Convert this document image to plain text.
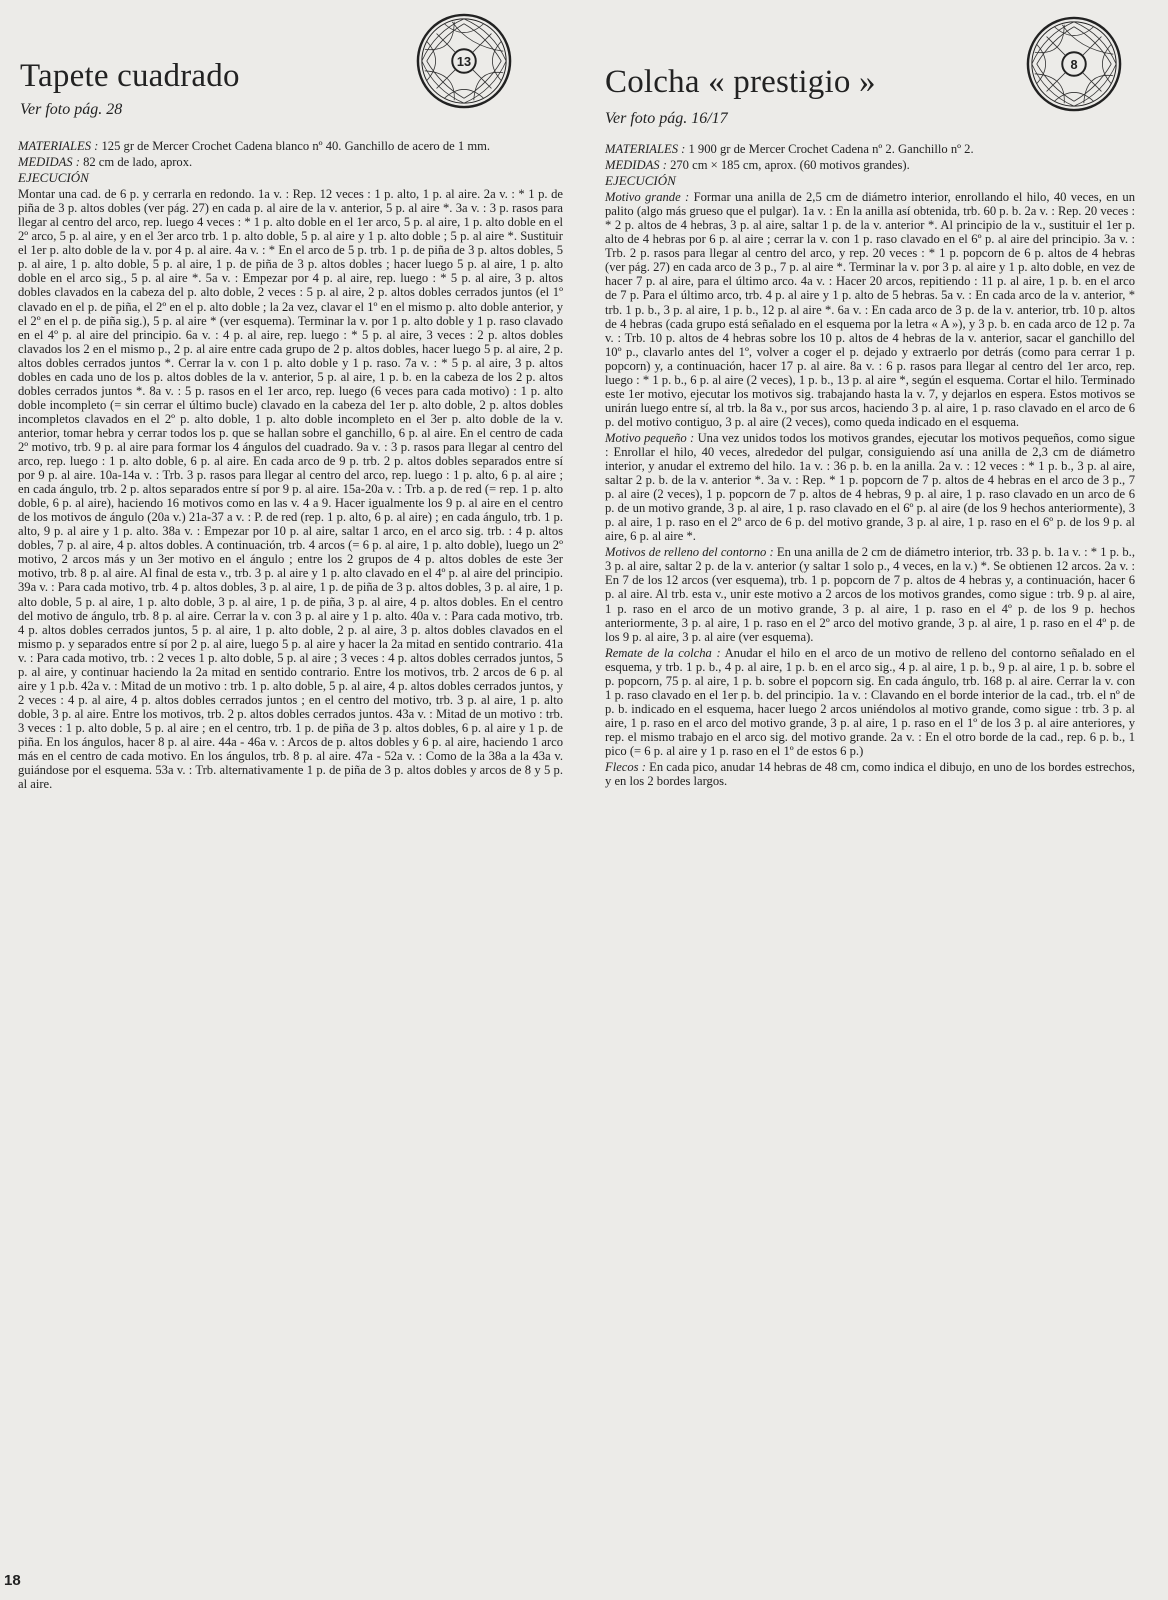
Tapete cuadrado
Ver foto pág. 28
13

MATERIALES : 125 gr de Mercer Crochet Cadena blanco nº 40. Ganchillo de acero de 1 mm.

MEDIDAS : 82 cm de lado, aprox.

EJECUCIÓN

Montar una cad. de 6 p. y cerrarla en redondo. 1a v. : Rep. 12 veces : 1 p. alto, 1 p. al aire. 2a v. : * 1 p. de piña de 3 p. altos dobles (ver pág. 27) en cada p. al aire de la v. anterior, 5 p. al aire *. 3a v. : 3 p. rasos para llegar al centro del arco, rep. luego 4 veces : * 1 p. alto doble en el 1er arco, 5 p. al aire, 1 p. alto doble en el 2º arco, 5 p. al aire, y en el 3er arco trb. 1 p. alto doble, 5 p. al aire y 1 p. alto doble ; 5 p. al aire *. Sustituir el 1er p. alto doble de la v. por 4 p. al aire. 4a v. : * En el arco de 5 p. trb. 1 p. de piña de 3 p. altos dobles, 5 p. al aire, 1 p. alto doble, 5 p. al aire, 1 p. de piña de 3 p. altos dobles ; hacer luego 5 p. al aire, 1 p. alto doble en el arco sig., 5 p. al aire *. 5a v. : Empezar por 4 p. al aire, rep. luego : * 5 p. al aire, 3 p. altos dobles clavados en la cabeza del p. alto doble, 2 veces : 5 p. al aire, 2 p. altos dobles cerrados juntos (el 1º clavado en el p. de piña, el 2º en el p. alto doble ; la 2a vez, clavar el 1º en el mismo p. alto doble anterior, y el 2º en el p. de piña sig.), 5 p. al aire * (ver esquema). Terminar la v. por 1 p. alto doble y 1 p. raso clavado en el 4º p. al aire del principio. 6a v. : 4 p. al aire, rep. luego : * 5 p. al aire, 3 veces : 2 p. altos dobles clavados los 2 en el mismo p., 2 p. al aire entre cada grupo de 2 p. altos dobles, hacer luego 5 p. al aire, 2 p. altos dobles cerrados juntos *. Cerrar la v. con 1 p. alto doble y 1 p. raso. 7a v. : * 5 p. al aire, 3 p. altos dobles en cada uno de los p. altos dobles de la v. anterior, 5 p. al aire, 1 p. b. en la cabeza de los 2 p. altos dobles cerrados juntos *. 8a v. : 5 p. rasos en el 1er arco, rep. luego (6 veces para cada motivo) : 1 p. alto doble incompleto (= sin cerrar el último bucle) clavado en la cabeza del 1er p. alto doble, 2 p. altos dobles incompletos clavados en el 2º p. alto doble, 1 p. alto doble incompleto en el 3er p. alto doble de la v. anterior, tomar hebra y cerrar todos los p. que se hallan sobre el ganchillo, 6 p. al aire. En el centro de cada 2º motivo, trb. 9 p. al aire para formar los 4 ángulos del cuadrado. 9a v. : 3 p. rasos para llegar al centro del arco, rep. luego : 1 p. alto doble, 6 p. al aire. En cada arco de 9 p. trb. 2 p. altos dobles separados entre sí por 9 p. al aire. 10a-14a v. : Trb. 3 p. rasos para llegar al centro del arco, rep. luego : 1 p. alto, 6 p. al aire ; en cada ángulo, trb. 2 p. altos separados entre sí por 9 p. al aire. 15a-20a v. : Trb. a p. de red (= rep. 1 p. alto doble, 6 p. al aire), haciendo 16 motivos como en las v. 4 a 9. Hacer igualmente los 9 p. al aire en el centro de los motivos de ángulo (20a v.) 21a-37 a v. : P. de red (rep. 1 p. alto, 6 p. al aire) ; en cada ángulo, trb. 1 p. alto, 9 p. al aire y 1 p. alto. 38a v. : Empezar por 10 p. al aire, saltar 1 arco, en el arco sig. trb. : 4 p. altos dobles, 7 p. al aire, 4 p. altos dobles. A continuación, trb. 4 arcos (= 6 p. al aire, 1 p. alto doble), luego un 2º motivo, 2 arcos más y un 3er motivo en el ángulo ; entre los 2 grupos de 4 p. altos dobles de este 3er motivo, trb. 8 p. al aire. Al final de esta v., trb. 3 p. al aire y 1 p. alto clavado en el 4º p. al aire del principio. 39a v. : Para cada motivo, trb. 4 p. altos dobles, 3 p. al aire, 1 p. de piña de 3 p. altos dobles, 3 p. al aire, 1 p. alto doble, 5 p. al aire, 1 p. alto doble, 3 p. al aire, 1 p. de piña, 3 p. al aire, 4 p. altos dobles. En el centro del motivo de ángulo, trb. 8 p. al aire. Cerrar la v. con 3 p. al aire y 1 p. alto. 40a v. : Para cada motivo, trb. 4 p. altos dobles cerrados juntos, 5 p. al aire, 1 p. alto doble, 2 p. al aire, 3 p. altos dobles clavados en el mismo p. y separados entre sí por 2 p. al aire, luego 5 p. al aire y hacer la 2a mitad en sentido contrario. 41a v. : Para cada motivo, trb. : 2 veces 1 p. alto doble, 5 p. al aire ; 3 veces : 4 p. altos dobles cerrados juntos, 5 p. al aire, y continuar haciendo la 2a mitad en sentido contrario. Entre los motivos, trb. 2 arcos de 6 p. al aire y 1 p.b. 42a v. : Mitad de un motivo : trb. 1 p. alto doble, 5 p. al aire, 4 p. altos dobles cerrados juntos, y 2 veces : 4 p. al aire, 4 p. altos dobles cerrados juntos ; en el centro del motivo, trb. 3 p. al aire, 1 p. alto doble, 3 p. al aire. Entre los motivos, trb. 2 p. altos dobles cerrados juntos. 43a v. : Mitad de un motivo : trb. 3 veces : 1 p. alto doble, 5 p. al aire ; en el centro, trb. 1 p. de piña de 3 p. altos dobles, 6 p. al aire y 1 p. de piña. En los ángulos, hacer 8 p. al aire. 44a - 46a v. : Arcos de p. altos dobles y 6 p. al aire, haciendo 1 arco más en el centro de cada motivo. En los ángulos, trb. 8 p. al aire. 47a - 52a v. : Como de la 38a a la 43a v. guiándose por el esquema. 53a v. : Trb. alternativamente 1 p. de piña de 3 p. altos dobles y arcos de 8 y 5 p. al aire.

Colcha « prestigio »
Ver foto pág. 16/17
8

MATERIALES : 1 900 gr de Mercer Crochet Cadena nº 2. Ganchillo nº 2.

MEDIDAS : 270 cm × 185 cm, aprox. (60 motivos grandes).

EJECUCIÓN

Motivo grande : Formar una anilla de 2,5 cm de diámetro interior, enrollando el hilo, 40 veces, en un palito (algo más grueso que el pulgar). 1a v. : En la anilla así obtenida, trb. 60 p. b. 2a v. : Rep. 20 veces : * 2 p. altos de 4 hebras, 3 p. al aire, saltar 1 p. de la v. anterior *. Al principio de la v., sustituir el 1er p. alto de 4 hebras por 6 p. al aire ; cerrar la v. con 1 p. raso clavado en el 6º p. al aire del principio. 3a v. : Trb. 2 p. rasos para llegar al centro del arco, y rep. 20 veces : * 1 p. popcorn de 6 p. altos de 4 hebras (ver pág. 27) en cada arco de 3 p., 7 p. al aire *. Terminar la v. por 3 p. al aire y 1 p. alto doble, en vez de hacer 7 p. al aire, para el último arco. 4a v. : Hacer 20 arcos, repitiendo : 11 p. al aire, 1 p. b. en el arco de 7 p. Para el último arco, trb. 4 p. al aire y 1 p. alto de 5 hebras. 5a v. : En cada arco de la v. anterior, * trb. 1 p. b., 3 p. al aire, 1 p. b., 12 p. al aire *. 6a v. : En cada arco de 3 p. de la v. anterior, trb. 10 p. altos de 4 hebras (cada grupo está señalado en el esquema por la letra « A »), y 3 p. b. en cada arco de 12 p. 7a v. : Trb. 10 p. altos de 4 hebras sobre los 10 p. altos de 4 hebras de la v. anterior, sacar el ganchillo del 10º p., clavarlo antes del 1º, volver a coger el p. dejado y extraerlo por detrás (como para cerrar 1 p. popcorn) y, a continuación, hacer 17 p. al aire. 8a v. : 6 p. rasos para llegar al centro del 1er arco, rep. luego : * 1 p. b., 6 p. al aire (2 veces), 1 p. b., 13 p. al aire *, según el esquema. Cortar el hilo. Terminado este 1er motivo, ejecutar los motivos sig. trabajando hasta la v. 7, y dejarlos en espera. Estos motivos se unirán luego entre sí, al trb. la 8a v., por sus arcos, haciendo 3 p. al aire, 1 p. raso clavado en el arco de 6 p. del motivo contiguo, 3 p. al aire (2 veces), como queda indicado en el esquema.

Motivo pequeño : Una vez unidos todos los motivos grandes, ejecutar los motivos pequeños, como sigue : Enrollar el hilo, 40 veces, alrededor del pulgar, consiguiendo así una anilla de 2,3 cm de diámetro interior, y anudar el extremo del hilo. 1a v. : 36 p. b. en la anilla. 2a v. : 12 veces : * 1 p. b., 3 p. al aire, saltar 2 p. b. de la v. anterior *. 3a v. : Rep. * 1 p. popcorn de 7 p. altos de 4 hebras en el arco de 3 p., 7 p. al aire (2 veces), 1 p. popcorn de 7 p. altos de 4 hebras, 9 p. al aire, 1 p. raso clavado en un arco de 6 p. de un motivo grande, 3 p. al aire, 1 p. raso clavado en el 6º p. al aire (de los 9 hechos anteriormente), 3 p. al aire, 1 p. raso en el 2º arco de 6 p. del motivo grande, 3 p. al aire, 1 p. raso en el 6º p. de los 9 p. al aire, 6 p. al aire *.

Motivos de relleno del contorno : En una anilla de 2 cm de diámetro interior, trb. 33 p. b. 1a v. : * 1 p. b., 3 p. al aire, saltar 2 p. de la v. anterior (y saltar 1 solo p., 4 veces, en la v.) *. Se obtienen 12 arcos. 2a v. : En 7 de los 12 arcos (ver esquema), trb. 1 p. popcorn de 7 p. altos de 4 hebras y, a continuación, hacer 6 p. al aire. Al trb. esta v., unir este motivo a 2 arcos de los motivos grandes, como sigue : trb. 9 p. al aire, 1 p. raso en el arco de un motivo grande, 3 p. al aire, 1 p. raso en el 4º p. de los 9 p. hechos anteriormente, 3 p. al aire, 1 p. raso en el 2º arco del motivo grande, 3 p. al aire, 1 p. raso en el 4º p. de los 9 p. al aire, 3 p. al aire (ver esquema).

Remate de la colcha : Anudar el hilo en el arco de un motivo de relleno del contorno señalado en el esquema, y trb. 1 p. b., 4 p. al aire, 1 p. b. en el arco sig., 4 p. al aire, 1 p. b., 9 p. al aire, 1 p. b. sobre el p. popcorn, 75 p. al aire, 1 p. b. sobre el popcorn sig. En cada ángulo, trb. 168 p. al aire. Cerrar la v. con 1 p. raso clavado en el 1er p. b. del principio. 1a v. : Clavando en el borde interior de la cad., trb. el nº de p. b. indicado en el esquema, hacer luego 2 arcos uniéndolos al motivo grande, como sigue : trb. 3 p. al aire, 1 p. raso en el arco del motivo grande, 3 p. al aire, 1 p. raso en el 1º de los 3 p. al aire anteriores, y rep. el mismo trabajo en el arco sig. del motivo grande. 2a v. : En el otro borde de la cad., rep. 6 p. b., 1 pico (= 6 p. al aire y 1 p. raso en el 1º de estos 6 p.)

Flecos : En cada pico, anudar 14 hebras de 48 cm, como indica el dibujo, en uno de los bordes estrechos, y en los 2 bordes largos.

18
